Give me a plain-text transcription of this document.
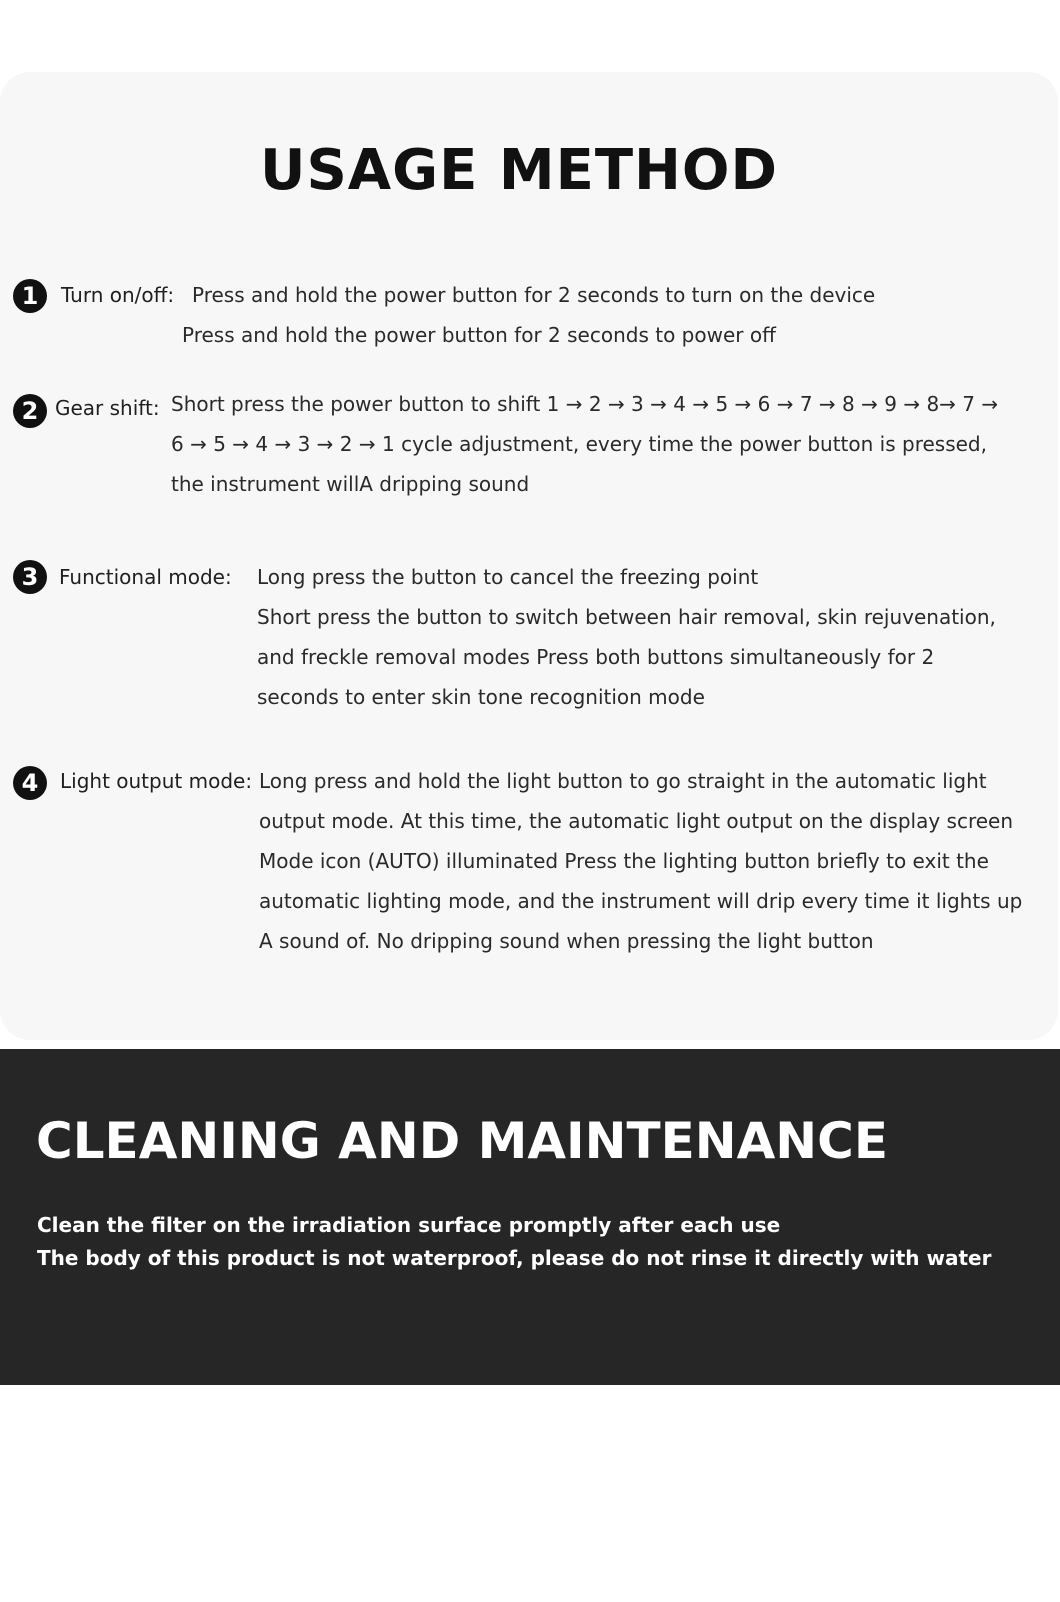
USAGE METHOD
1	Turn on/off: Press and hold the power button for 2 seconds to turn on the device
Press and hold the power button for 2 seconds to power off
2 Gear shift: Short press the power button to shift 1 → 2 → 3 → 4 → 5 → 6 → 7 → 8 → 9 → 8→ 7 →
6 → 5 → 4 → 3 → 2 → 1 cycle adjustment, every time the power button is pressed,
the instrument willA dripping sound
3	Functional mode: Long press the button to cancel the freezing point
Short press the button to switch between hair removal, skin rejuvenation,
and freckle removal modes Press both buttons simultaneously for 2
seconds to enter skin tone recognition mode
4	Light output mode: Long press and hold the light button to go straight in the automatic light
output mode. At this time, the automatic light output on the display screen
Mode icon (AUTO) illuminated Press the lighting button briefly to exit the
automatic lighting mode, and the instrument will drip every time it lights up
A sound of. No dripping sound when pressing the light button
CLEANING AND MAINTENANCE
Clean the filter on the irradiation surface promptly after each use
The body of this product is not waterproof, please do not rinse it directly with water
